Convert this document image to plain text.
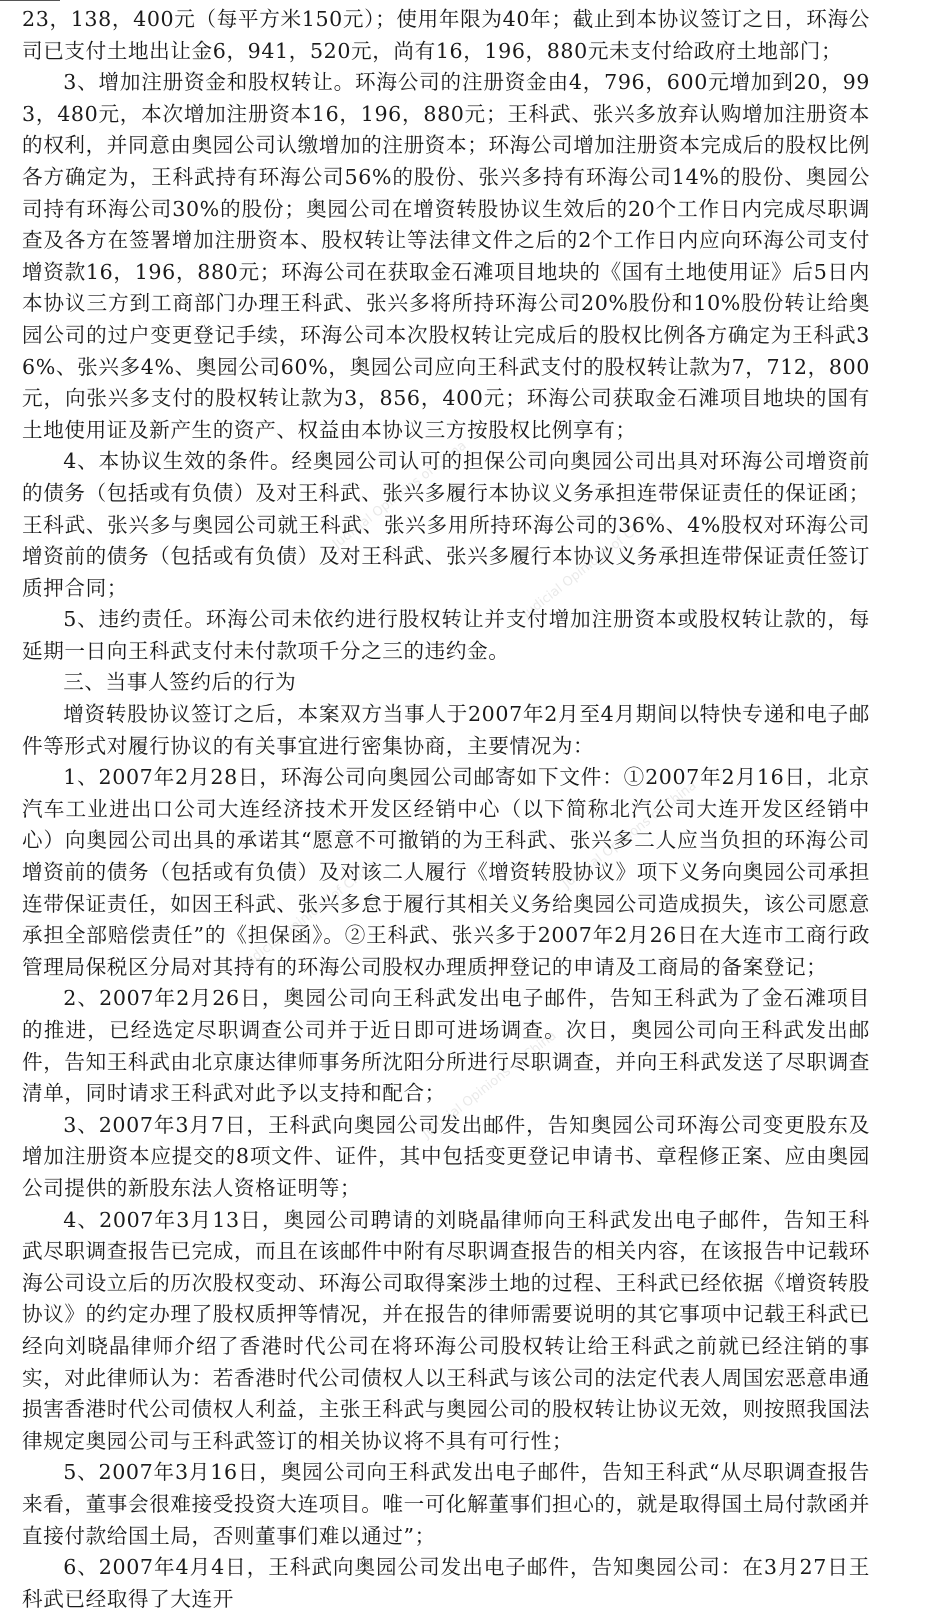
23，138，400元（每平方米150元）；使用年限为40年；截止到本协议签订之日，环海公司已支付土地出让金6，941，520元，尚有16，196，880元未支付给政府土地部门；

3、增加注册资金和股权转让。环海公司的注册资金由4，796，600元增加到20，993，480元，本次增加注册资本16，196，880元；王科武、张兴多放弃认购增加注册资本的权利，并同意由奥园公司认缴增加的注册资本；环海公司增加注册资本完成后的股权比例各方确定为，王科武持有环海公司56%的股份、张兴多持有环海公司14%的股份、奥园公司持有环海公司30%的股份；奥园公司在增资转股协议生效后的20个工作日内完成尽职调查及各方在签署增加注册资本、股权转让等法律文件之后的2个工作日内应向环海公司支付增资款16，196，880元；环海公司在获取金石滩项目地块的《国有土地使用证》后5日内本协议三方到工商部门办理王科武、张兴多将所持环海公司20%股份和10%股份转让给奥园公司的过户变更登记手续，环海公司本次股权转让完成后的股权比例各方确定为王科武36%、张兴多4%、奥园公司60%，奥园公司应向王科武支付的股权转让款为7，712，800元，向张兴多支付的股权转让款为3，856，400元；环海公司获取金石滩项目地块的国有土地使用证及新产生的资产、权益由本协议三方按股权比例享有；

4、本协议生效的条件。经奥园公司认可的担保公司向奥园公司出具对环海公司增资前的债务（包括或有负债）及对王科武、张兴多履行本协议义务承担连带保证责任的保证函；王科武、张兴多与奥园公司就王科武、张兴多用所持环海公司的36%、4%股权对环海公司增资前的债务（包括或有负债）及对王科武、张兴多履行本协议义务承担连带保证责任签订质押合同；

5、违约责任。环海公司未依约进行股权转让并支付增加注册资本或股权转让款的，每延期一日向王科武支付未付款项千分之三的违约金。

三、当事人签约后的行为

增资转股协议签订之后，本案双方当事人于2007年2月至4月期间以特快专递和电子邮件等形式对履行协议的有关事宜进行密集协商，主要情况为：

1、2007年2月28日，环海公司向奥园公司邮寄如下文件：①2007年2月16日，北京汽车工业进出口公司大连经济技术开发区经销中心（以下简称北汽公司大连开发区经销中心）向奥园公司出具的承诺其“愿意不可撤销的为王科武、张兴多二人应当负担的环海公司增资前的债务（包括或有负债）及对该二人履行《增资转股协议》项下义务向奥园公司承担连带保证责任，如因王科武、张兴多怠于履行其相关义务给奥园公司造成损失，该公司愿意承担全部赔偿责任”的《担保函》。②王科武、张兴多于2007年2月26日在大连市工商行政管理局保税区分局对其持有的环海公司股权办理质押登记的申请及工商局的备案登记；

2、2007年2月26日，奥园公司向王科武发出电子邮件，告知王科武为了金石滩项目的推进，已经选定尽职调查公司并于近日即可进场调查。次日，奥园公司向王科武发出邮件，告知王科武由北京康达律师事务所沈阳分所进行尽职调查，并向王科武发送了尽职调查清单，同时请求王科武对此予以支持和配合；

3、2007年3月7日，王科武向奥园公司发出邮件，告知奥园公司环海公司变更股东及增加注册资本应提交的8项文件、证件，其中包括变更登记申请书、章程修正案、应由奥园公司提供的新股东法人资格证明等；

4、2007年3月13日，奥园公司聘请的刘晓晶律师向王科武发出电子邮件，告知王科武尽职调查报告已完成，而且在该邮件中附有尽职调查报告的相关内容，在该报告中记载环海公司设立后的历次股权变动、环海公司取得案涉土地的过程、王科武已经依据《增资转股协议》的约定办理了股权质押等情况，并在报告的律师需要说明的其它事项中记载王科武已经向刘晓晶律师介绍了香港时代公司在将环海公司股权转让给王科武之前就已经注销的事实，对此律师认为：若香港时代公司债权人以王科武与该公司的法定代表人周国宏恶意串通损害香港时代公司债权人利益，主张王科武与奥园公司的股权转让协议无效，则按照我国法律规定奥园公司与王科武签订的相关协议将不具有可行性；

5、2007年3月16日，奥园公司向王科武发出电子邮件，告知王科武“从尽职调查报告来看，董事会很难接受投资大连项目。唯一可化解董事们担心的，就是取得国土局付款函并直接付款给国土局，否则董事们难以通过”；

6、2007年4月4日，王科武向奥园公司发出电子邮件，告知奥园公司：在3月27日王科武已经取得了大连开

Judicial Opinions of China
Judicial Opinions of China
Judicial Opinions of China
Judicial Opinions of China
Judicial Opinions of China
